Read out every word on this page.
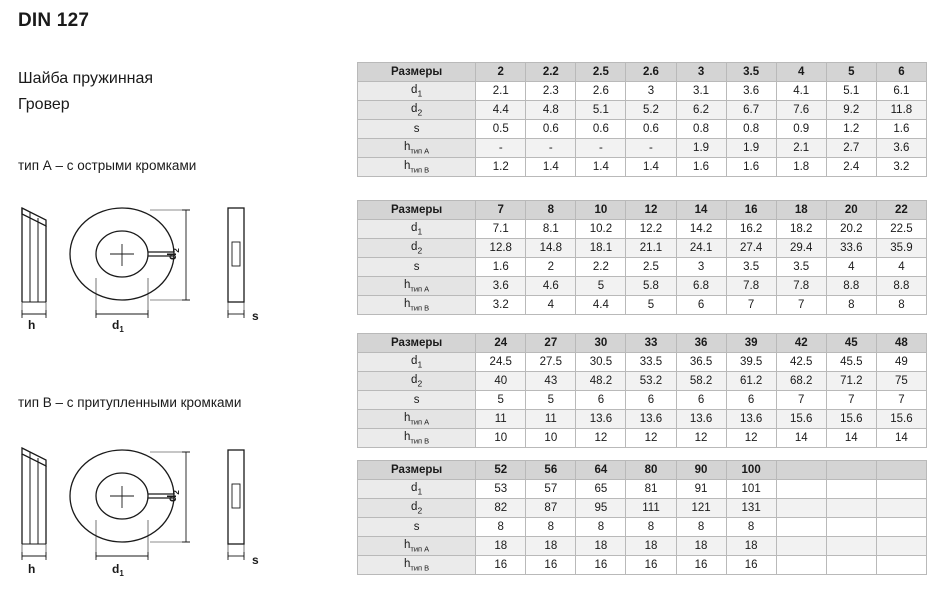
DIN 127
Шайба пружинная
Гровер
тип А – с острыми кромками
h	$d_1$
$d_2$
s
тип B – с притупленными кромками
h	$d_1$
$d_2$
s
Размеры	2	2.2	2.5	2.6	3	3.5	4	5	6
$d_1$	2.1	2.3	2.6	3	3.1	3.6	4.1	5.1	6.1
$d_2$	4.4	4.8	5.1	5.2	6.2	6.7	7.6	9.2	11.8
s	0.5	0.6	0.6	0.6	0.8	0.8	0.9	1.2	1.6
$h_{тип A}$	-	-	-	-	1.9	1.9	2.1	2.7	3.6
$h_{тип B}$	1.2	1.4	1.4	1.4	1.6	1.6	1.8	2.4	3.2
Размеры	7	8	10	12	14	16	18	20	22
$d_1$	7.1	8.1	10.2	12.2	14.2	16.2	18.2	20.2	22.5
$d_2$	12.8	14.8	18.1	21.1	24.1	27.4	29.4	33.6	35.9
s	1.6	2	2.2	2.5	3	3.5	3.5	4	4
$h_{тип A}$	3.6	4.6	5	5.8	6.8	7.8	7.8	8.8	8.8
$h_{тип B}$	3.2	4	4.4	5	6	7	7	8	8
Размеры	24	27	30	33	36	39	42	45	48
$d_1$	24.5	27.5	30.5	33.5	36.5	39.5	42.5	45.5	49
$d_2$	40	43	48.2	53.2	58.2	61.2	68.2	71.2	75
s	5	5	6	6	6	6	7	7	7
$h_{тип A}$	11	11	13.6	13.6	13.6	13.6	15.6	15.6	15.6
$h_{тип B}$	10	10	12	12	12	12	14	14	14
Размеры	52	56	64	80	90	100			
$d_1$	53	57	65	81	91	101			
$d_2$	82	87	95	111	121	131			
s	8	8	8	8	8	8			
$h_{тип A}$	18	18	18	18	18	18			
$h_{тип B}$	16	16	16	16	16	16			
